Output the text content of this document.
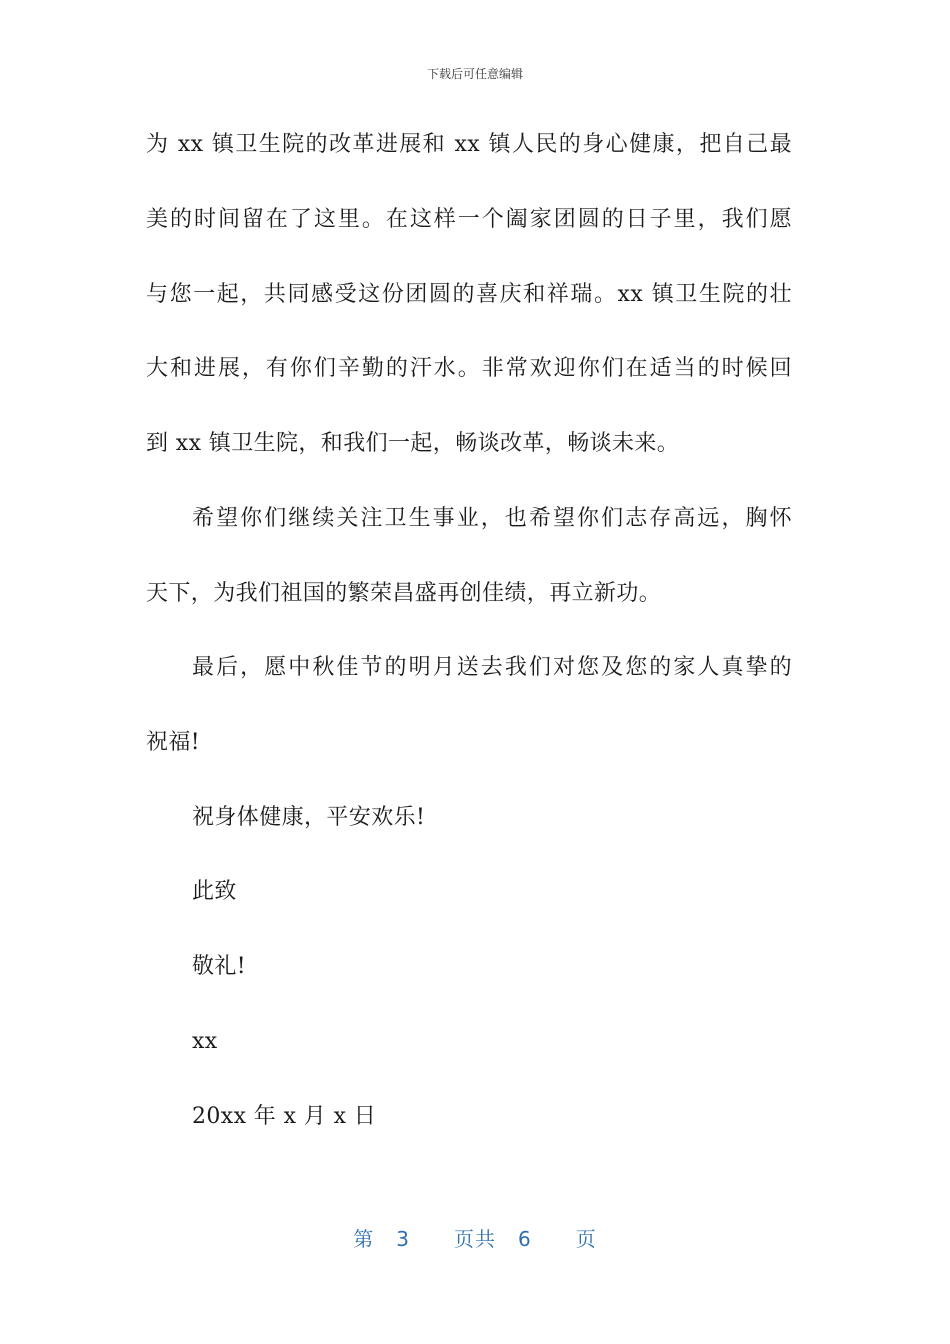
下载后可任意编辑
为 xx 镇卫生院的改革进展和 xx 镇人民的身心健康，把自己最
美的时间留在了这里。在这样一个阖家团圆的日子里，我们愿
与您一起，共同感受这份团圆的喜庆和祥瑞。xx 镇卫生院的壮
大和进展，有你们辛勤的汗水。非常欢迎你们在适当的时候回
到 xx 镇卫生院，和我们一起，畅谈改革，畅谈未来。
希望你们继续关注卫生事业，也希望你们志存高远，胸怀
天下，为我们祖国的繁荣昌盛再创佳绩，再立新功。
最后，愿中秋佳节的明月送去我们对您及您的家人真挚的
祝福!
祝身体健康，平安欢乐!
此致
敬礼!
xx
20xx 年 x 月 x 日
第 3 页共 6 页
